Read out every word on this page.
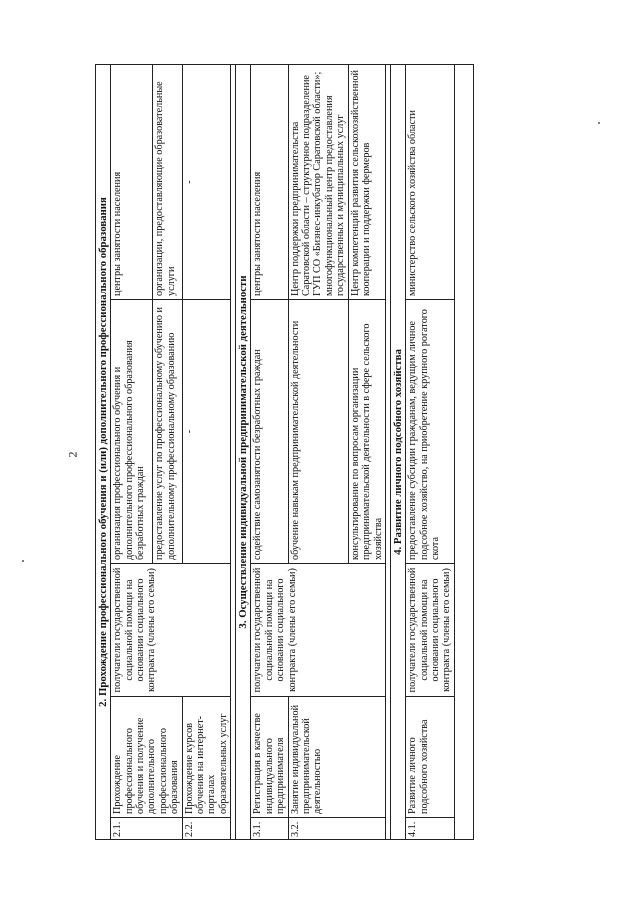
2 2. Прохождение профессионального обучения и (или) дополнительного профессионального образования				
2.1.	Прохождение профессионального обучения и получение дополнительного профессионального образования	получатели государственной социальной помощи на основании социального контракта (члены его семьи)	организация профессионального обучения и дополнительного профессионального образования безработных граждан	центры занятости населения
			предоставление услуг по профессиональному обучению и дополнительному профессиональному образованию	организации, предоставляющие образовательные услуги
2.2.	Прохождение курсов обучения на интернет-порталах образовательных услуг		-	-

3. Осуществление индивидуальной предпринимательской деятельности				
3.1.	Регистрация в качестве индивидуального предпринимателя	получатели государственной социальной помощи на основании социального контракта (члены его семьи)	содействие самозанятости безработных граждан	центры занятости населения
3.2.	Занятие индивидуальной предпринимательской деятельностью		обучение навыкам предпринимательской деятельности	Центр поддержки предпринимательства Саратовской области – структурное подразделение ГУП СО «Бизнес-инкубатор Саратовской области»; многофункциональный центр предоставления государственных и муниципальных услуг
			консультирование по вопросам организации предпринимательской деятельности в сфере сельского хозяйства	Центр компетенций развития сельскохозяйственной кооперации и поддержки фермеров

4. Развитие личного подсобного хозяйства				
4.1.	Развитие личного подсобного хозяйства	получатели государственной социальной помощи на основании социального контракта (члены его семьи)	предоставление субсидии гражданам, ведущим личное подсобное хозяйство, на приобретение крупного рогатого скота	министерство сельского хозяйства области
